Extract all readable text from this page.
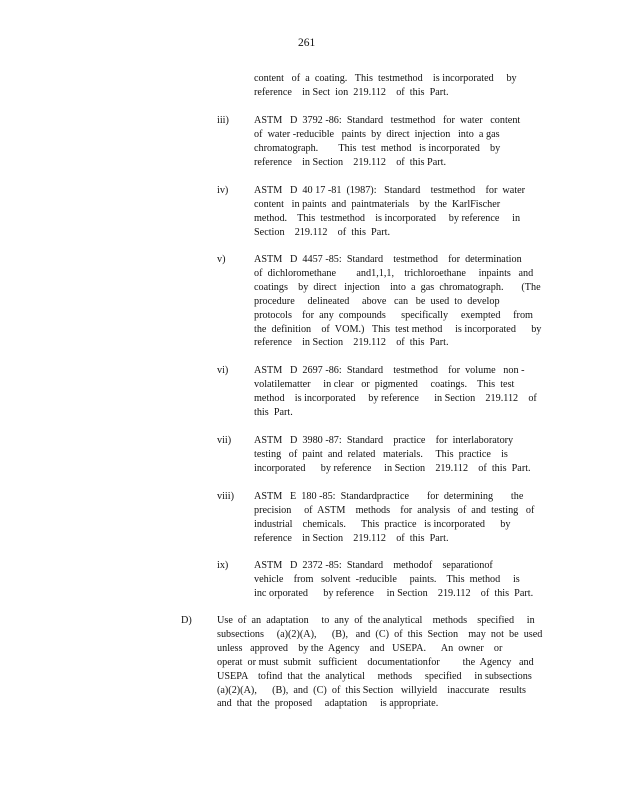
261
content   of  a  coating.   This  testmethod    is incorporated     by
reference    in Sect  ion  219.112    of  this  Part.
iii) ASTM   D  3792 -86:  Standard   testmethod   for  water   content
of  water -reducible   paints  by  direct  injection   into  a gas
chromatograph.        This  test  method   is incorporated    by
reference    in Section    219.112    of  this Part.
iv)	ASTM   D  40 17 -81  (1987):   Standard    testmethod    for  water
content   in paints  and  paintmaterials    by  the  KarlFischer
method.    This  testmethod    is incorporated     by reference     in
Section    219.112    of  this  Part.
v)	ASTM   D  4457 -85:  Standard    testmethod    for  determination
of  dichloromethane        and1,1,1,    trichloroethane     inpaints   and
coatings    by  direct   injection    into  a  gas  chromatograph.       (The
procedure     delineated     above   can   be  used  to  develop
protocols    for  any  compounds      specifically     exempted     from
the  definition    of  VOM.)   This  test method     is incorporated      by
reference    in Section    219.112    of  this  Part.
vi)	ASTM   D  2697 -86:  Standard    testmethod    for  volume   non -
volatilematter     in clear   or  pigmented     coatings.    This  test
method    is incorporated     by reference      in Section    219.112    of
this  Part.
vii) ASTM   D  3980 -87:  Standard    practice    for  interlaboratory
testing   of  paint  and  related   materials.     This  practice    is
incorporated      by reference     in Section    219.112    of  this  Part.
viii) ASTM   E  180 -85:  Standardpractice       for  determining       the
precision     of  ASTM    methods    for  analysis   of  and  testing   of
industrial    chemicals.      This  practice   is incorporated      by
reference    in Section    219.112    of  this  Part.
ix)	ASTM   D  2372 -85:  Standard    methodof    separationof
vehicle    from   solvent  -reducible     paints.    This  method     is
inc orporated      by reference     in Section    219.112    of  this  Part.
D) Use  of  an  adaptation     to  any  of  the analytical    methods    specified     in
subsections     (a)(2)(A),      (B),   and  (C)  of  this  Section    may  not  be  used
unless   approved    by the  Agency    and   USEPA.      An  owner    or
operat  or must  submit   sufficient    documentationfor         the  Agency   and
USEPA    tofind  that  the  analytical     methods     specified     in subsections
(a)(2)(A),      (B),  and  (C)  of  this Section   willyield    inaccurate    results
and  that  the  proposed     adaptation     is appropriate.
